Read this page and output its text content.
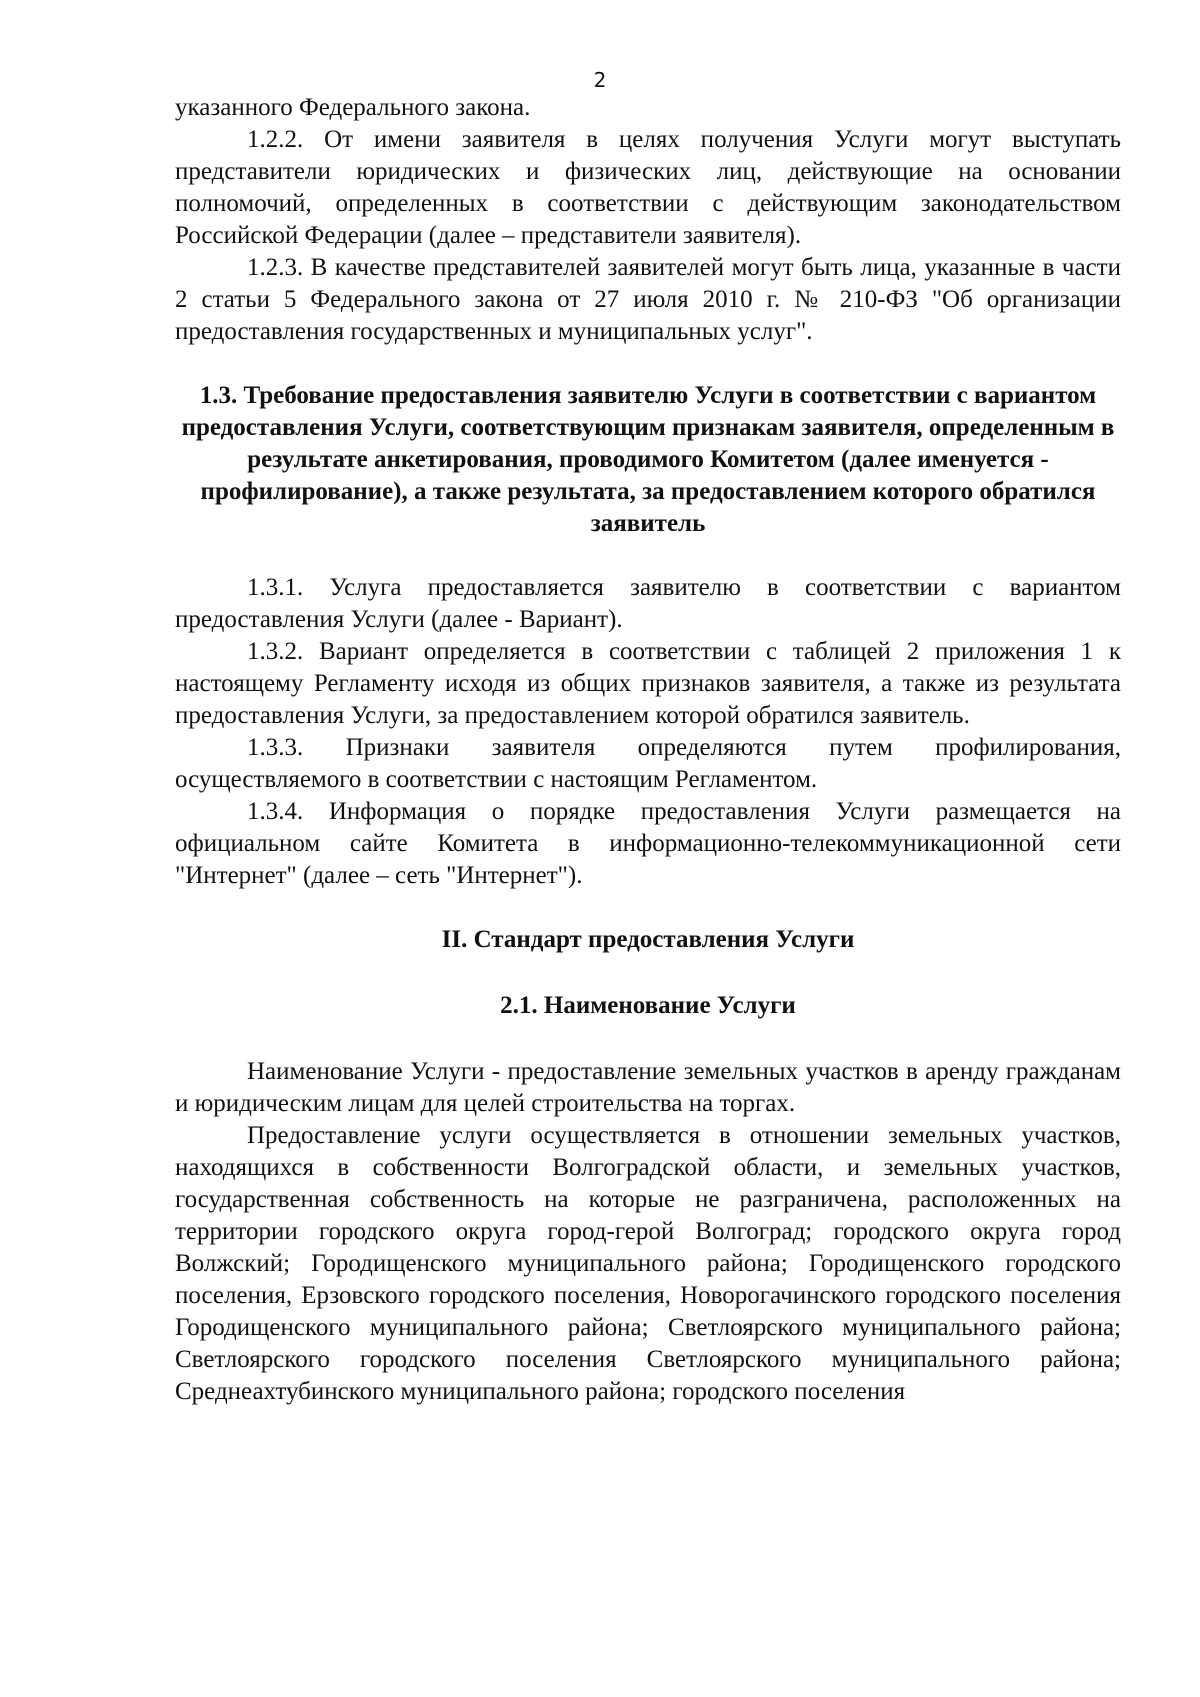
2

указанного Федерального закона.

1.2.2. От имени заявителя в целях получения Услуги могут выступать представители юридических и физических лиц, действующие на основании полномочий, определенных в соответствии с действующим законодательством Российской Федерации (далее – представители заявителя).

1.2.3. В качестве представителей заявителей могут быть лица, указанные в части 2 статьи 5 Федерального закона от 27 июля 2010 г. № 210-ФЗ "Об организации предоставления государственных и муниципальных услуг".

1.3. Требование предоставления заявителю Услуги в соответствии с вариантом предоставления Услуги, соответствующим признакам заявителя, определенным в результате анкетирования, проводимого Комитетом (далее именуется - профилирование), а также результата, за предоставлением которого обратился заявитель

1.3.1. Услуга предоставляется заявителю в соответствии с вариантом предоставления Услуги (далее - Вариант).

1.3.2. Вариант определяется в соответствии с таблицей 2 приложения 1 к настоящему Регламенту исходя из общих признаков заявителя, а также из результата предоставления Услуги, за предоставлением которой обратился заявитель.

1.3.3. Признаки заявителя определяются путем профилирования, осуществляемого в соответствии с настоящим Регламентом.

1.3.4. Информация о порядке предоставления Услуги размещается на официальном сайте Комитета в информационно-телекоммуникационной сети "Интернет" (далее – сеть "Интернет").

II. Стандарт предоставления Услуги

2.1. Наименование Услуги

Наименование Услуги - предоставление земельных участков в аренду гражданам и юридическим лицам для целей строительства на торгах.

Предоставление услуги осуществляется в отношении земельных участков, находящихся в собственности Волгоградской области, и земельных участков, государственная собственность на которые не разграничена, расположенных на территории городского округа город-герой Волгоград; городского округа город Волжский; Городищенского муниципального района; Городищенского городского поселения, Ерзовского городского поселения, Новорогачинского городского поселения Городищенского муниципального района; Светлоярского муниципального района; Светлоярского городского поселения Светлоярского муниципального района; Среднеахтубинского муниципального района; городского поселения
